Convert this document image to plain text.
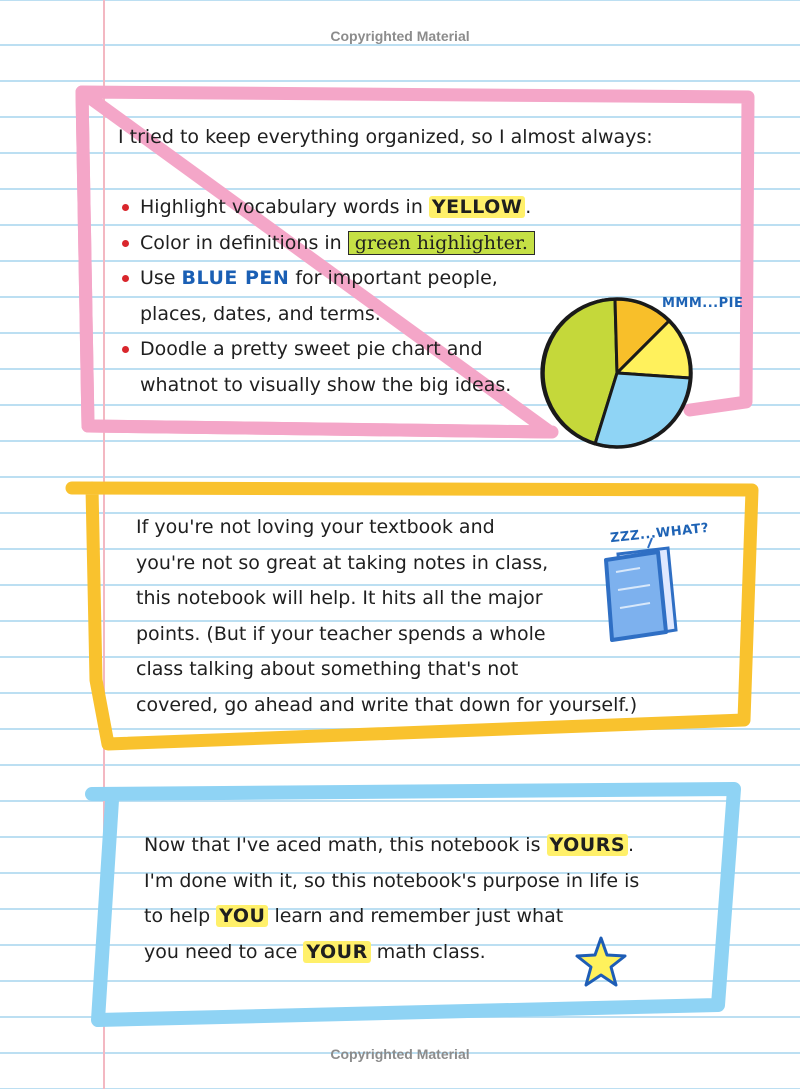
Copyrighted Material

I tried to keep everything organized, so I almost always:

Highlight vocabulary words in YELLOW .
Color in definitions in green highlighter.
Use BLUE PEN for important people,
places, dates, and terms.
Doodle a pretty sweet pie chart and
whatnot to visually show the big ideas.
MMM...PIE

If you're not loving your textbook and

you're not so great at taking notes in class,

this notebook will help. It hits all the major

points. (But if your teacher spends a whole

class talking about something that's not

covered, go ahead and write that down for yourself.)

ZZZ...WHAT?

Now that I've aced math, this notebook is YOURS .

I'm done with it, so this notebook's purpose in life is

to help YOU learn and remember just what

you need to ace YOUR math class.

Copyrighted Material
